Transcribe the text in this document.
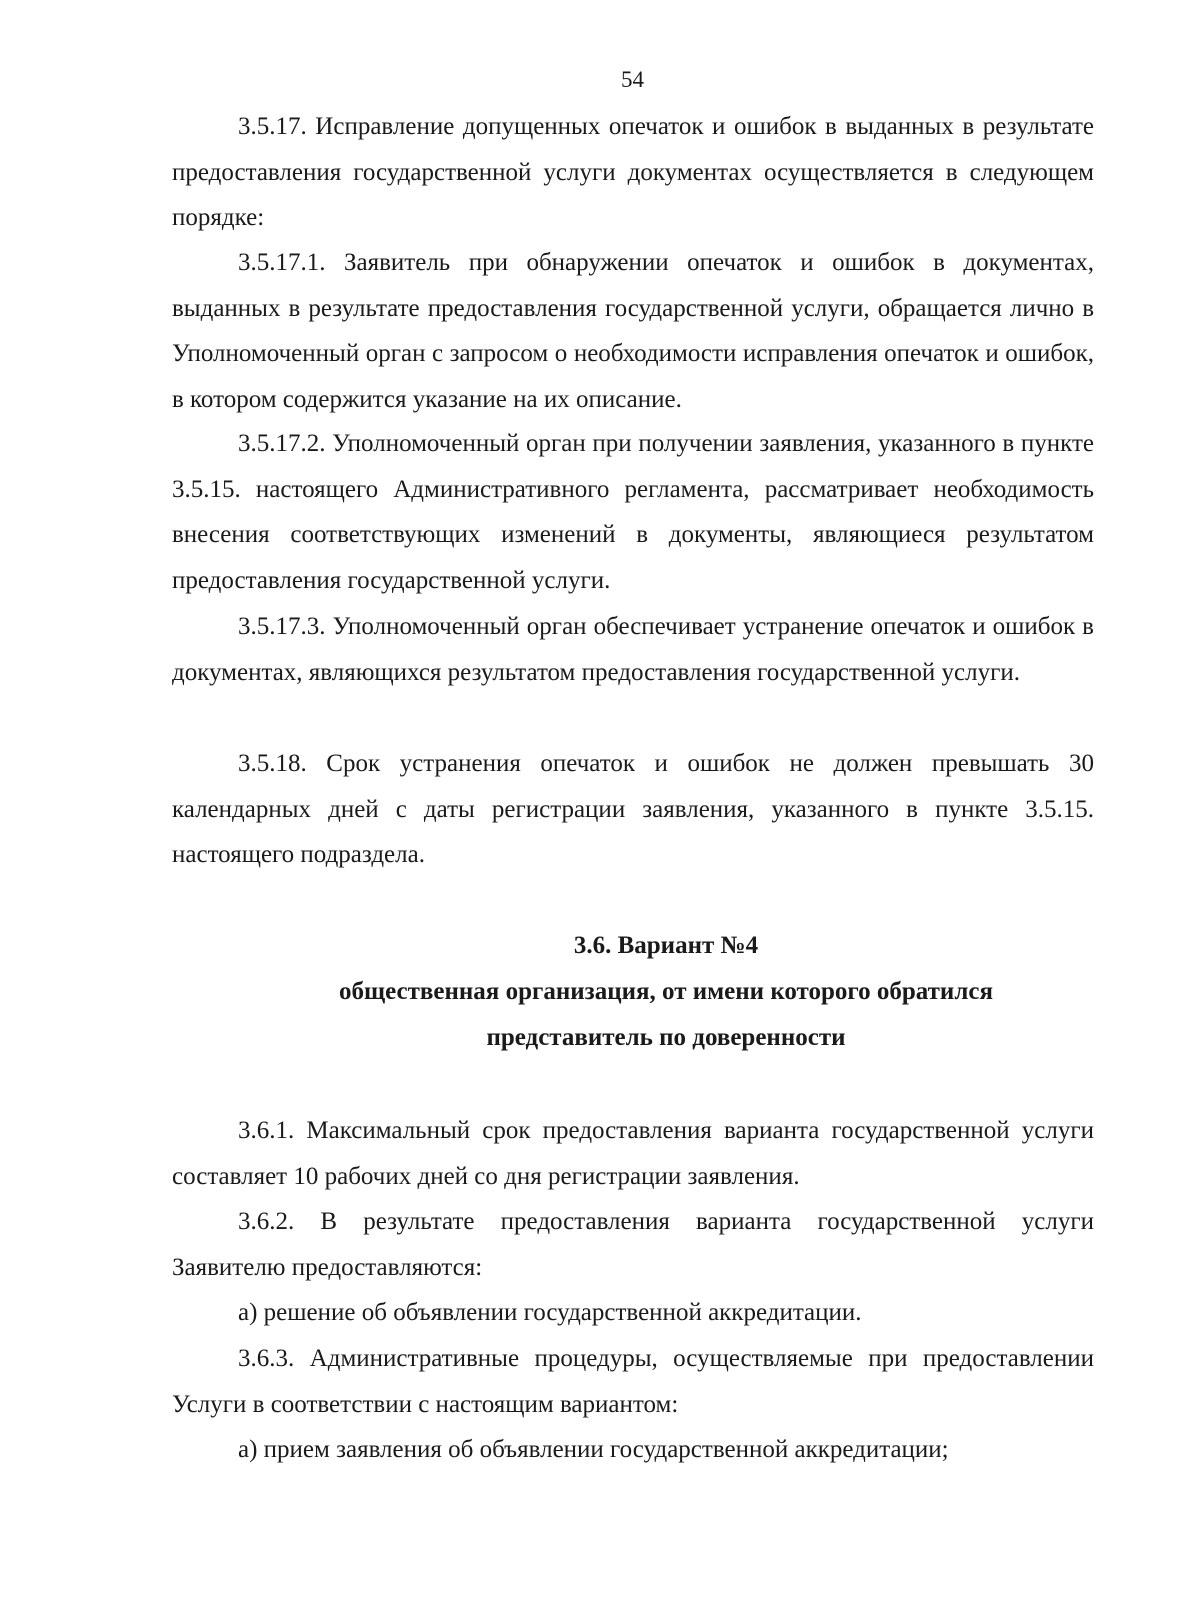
54

3.5.17. Исправление допущенных опечаток и ошибок в выданных в результате предоставления государственной услуги документах осуществляется в следующем порядке:

3.5.17.1. Заявитель при обнаружении опечаток и ошибок в документах, выданных в результате предоставления государственной услуги, обращается лично в Уполномоченный орган с запросом о необходимости исправления опечаток и ошибок, в котором содержится указание на их описание.

3.5.17.2. Уполномоченный орган при получении заявления, указанного в пункте 3.5.15. настоящего Административного регламента, рассматривает необходимость внесения соответствующих изменений в документы, являющиеся результатом предоставления государственной услуги.

3.5.17.3. Уполномоченный орган обеспечивает устранение опечаток и ошибок в документах, являющихся результатом предоставления государственной услуги.

3.5.18. Срок устранения опечаток и ошибок не должен превышать 30 календарных дней с даты регистрации заявления, указанного в пункте 3.5.15. настоящего подраздела.

3.6. Вариант №4

общественная организация, от имени которого обратился

представитель по доверенности

3.6.1. Максимальный срок предоставления варианта государственной услуги составляет 10 рабочих дней со дня регистрации заявления.

3.6.2. В результате предоставления варианта государственной услуги Заявителю предоставляются:

а) решение об объявлении государственной аккредитации.

3.6.3. Административные процедуры, осуществляемые при предоставлении Услуги в соответствии с настоящим вариантом:

а) прием заявления об объявлении государственной аккредитации;
